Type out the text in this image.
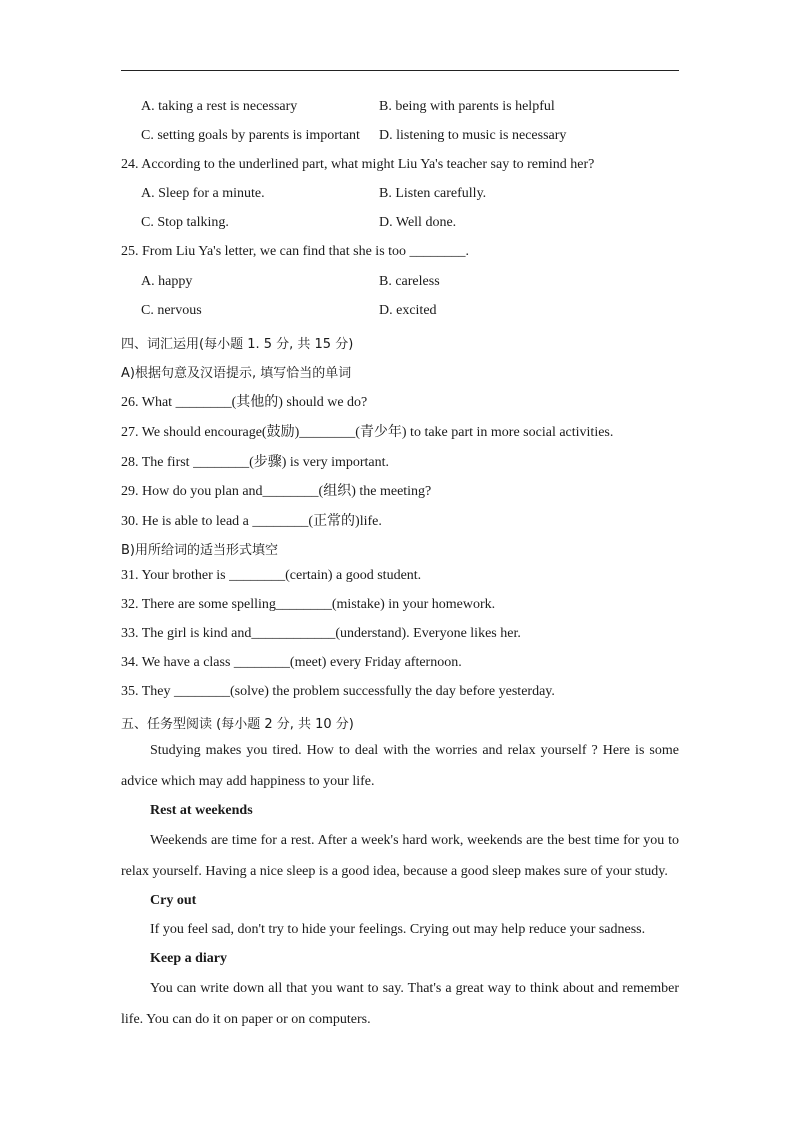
A. taking a rest is necessary	B. being with parents is helpful
C. setting goals by parents is important D. listening to music is necessary
24. According to the underlined part, what might Liu Ya's teacher say to remind her?
A. Sleep for a minute.	B. Listen carefully.
C. Stop talking.	D. Well done.
25. From Liu Ya's letter, we can find that she is too ________.
A. happy	B. careless
C. nervous	D. excited
四、词汇运用(每小题 1. 5 分, 共 15 分)
A)根据句意及汉语提示, 填写恰当的单词
26. What ________(其他的) should we do?
27. We should encourage(鼓励)________(青少年) to take part in more social activities.
28. The first ________(步骤) is very important.
29. How do you plan and________(组织) the meeting?
30. He is able to lead a ________(正常的)life.
B)用所给词的适当形式填空
31. Your brother is ________(certain) a good student.
32. There are some spelling________(mistake) in your homework.
33. The girl is kind and____________(understand). Everyone likes her.
34. We have a class ________(meet) every Friday afternoon.
35. They ________(solve) the problem successfully the day before yesterday.
五、任务型阅读 (每小题 2 分, 共 10 分)
Studying makes you tired. How to deal with the worries and relax yourself ? Here is some advice which may add happiness to your life.
Rest at weekends
Weekends are time for a rest. After a week's hard work, weekends are the best time for you to relax yourself. Having a nice sleep is a good idea, because a good sleep makes sure of your study.
Cry out
If you feel sad, don't try to hide your feelings. Crying out may help reduce your sadness.
Keep a diary
You can write down all that you want to say. That's a great way to think about and remember life. You can do it on paper or on computers.
